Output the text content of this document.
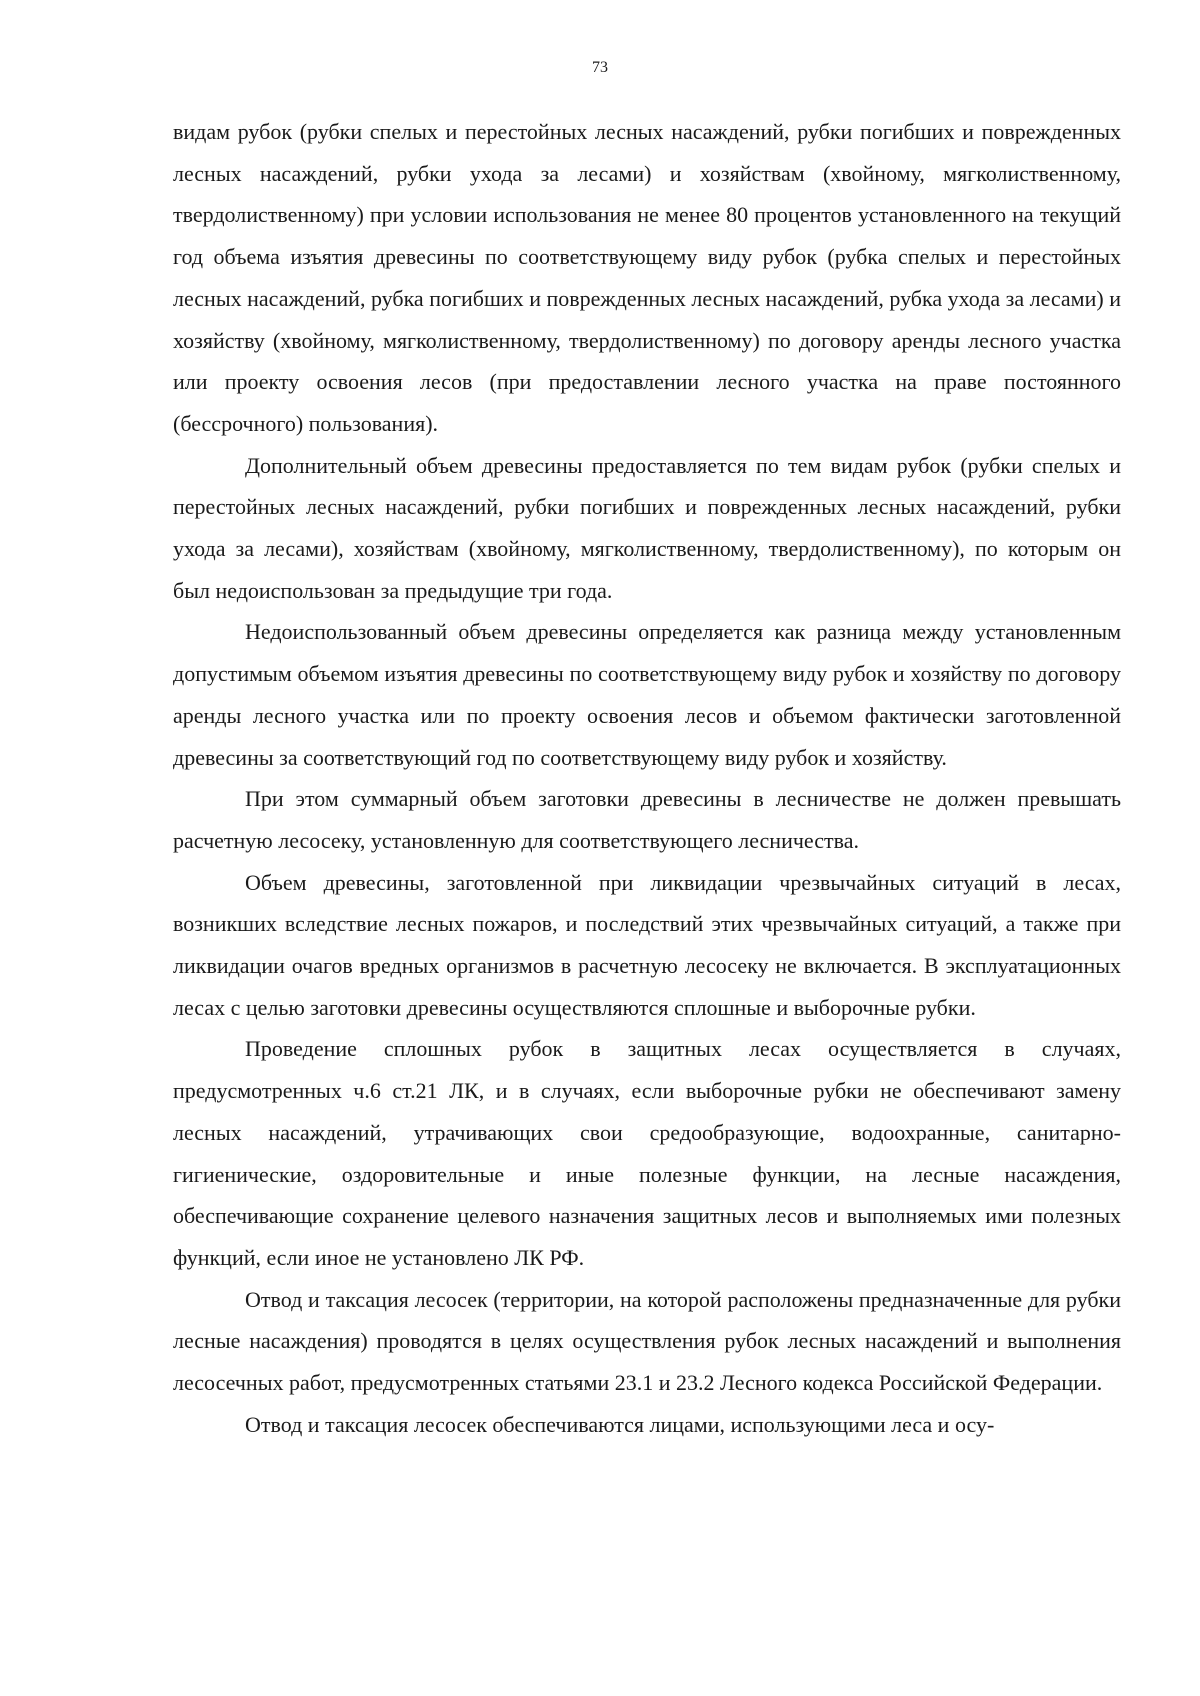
73

видам рубок (рубки спелых и перестойных лесных насаждений, рубки погибших и поврежденных лесных насаждений, рубки ухода за лесами) и хозяйствам (хвойному, мягколиственному, твердолиственному) при условии использования не менее 80 процентов установленного на текущий год объема изъятия древесины по соответствующему виду рубок (рубка спелых и перестойных лесных насаждений, рубка погибших и поврежденных лесных насаждений, рубка ухода за лесами) и хозяйству (хвойному, мягколиственному, твердолиственному) по договору аренды лесного участка или проекту освоения лесов (при предоставлении лесного участка на праве постоянного (бессрочного) пользования).

Дополнительный объем древесины предоставляется по тем видам рубок (рубки спелых и перестойных лесных насаждений, рубки погибших и поврежденных лесных насаждений, рубки ухода за лесами), хозяйствам (хвойному, мягколиственному, твердолиственному), по которым он был недоиспользован за предыдущие три года.

Недоиспользованный объем древесины определяется как разница между установленным допустимым объемом изъятия древесины по соответствующему виду рубок и хозяйству по договору аренды лесного участка или по проекту освоения лесов и объемом фактически заготовленной древесины за соответствующий год по соответствующему виду рубок и хозяйству.

При этом суммарный объем заготовки древесины в лесничестве не должен превышать расчетную лесосеку, установленную для соответствующего лесничества.

Объем древесины, заготовленной при ликвидации чрезвычайных ситуаций в лесах, возникших вследствие лесных пожаров, и последствий этих чрезвычайных ситуаций, а также при ликвидации очагов вредных организмов в расчетную лесосеку не включается. В эксплуатационных лесах с целью заготовки древесины осуществляются сплошные и выборочные рубки.

Проведение сплошных рубок в защитных лесах осуществляется в случаях, предусмотренных ч.6 ст.21 ЛК, и в случаях, если выборочные рубки не обеспечивают замену лесных насаждений, утрачивающих свои средообразующие, водоохранные, санитарно-гигиенические, оздоровительные и иные полезные функции, на лесные насаждения, обеспечивающие сохранение целевого назначения защитных лесов и выполняемых ими полезных функций, если иное не установлено ЛК РФ.

Отвод и таксация лесосек (территории, на которой расположены предназначенные для рубки лесные насаждения) проводятся в целях осуществления рубок лесных насаждений и выполнения лесосечных работ, предусмотренных статьями 23.1 и 23.2 Лесного кодекса Российской Федерации.

Отвод и таксация лесосек обеспечиваются лицами, использующими леса и осу-
